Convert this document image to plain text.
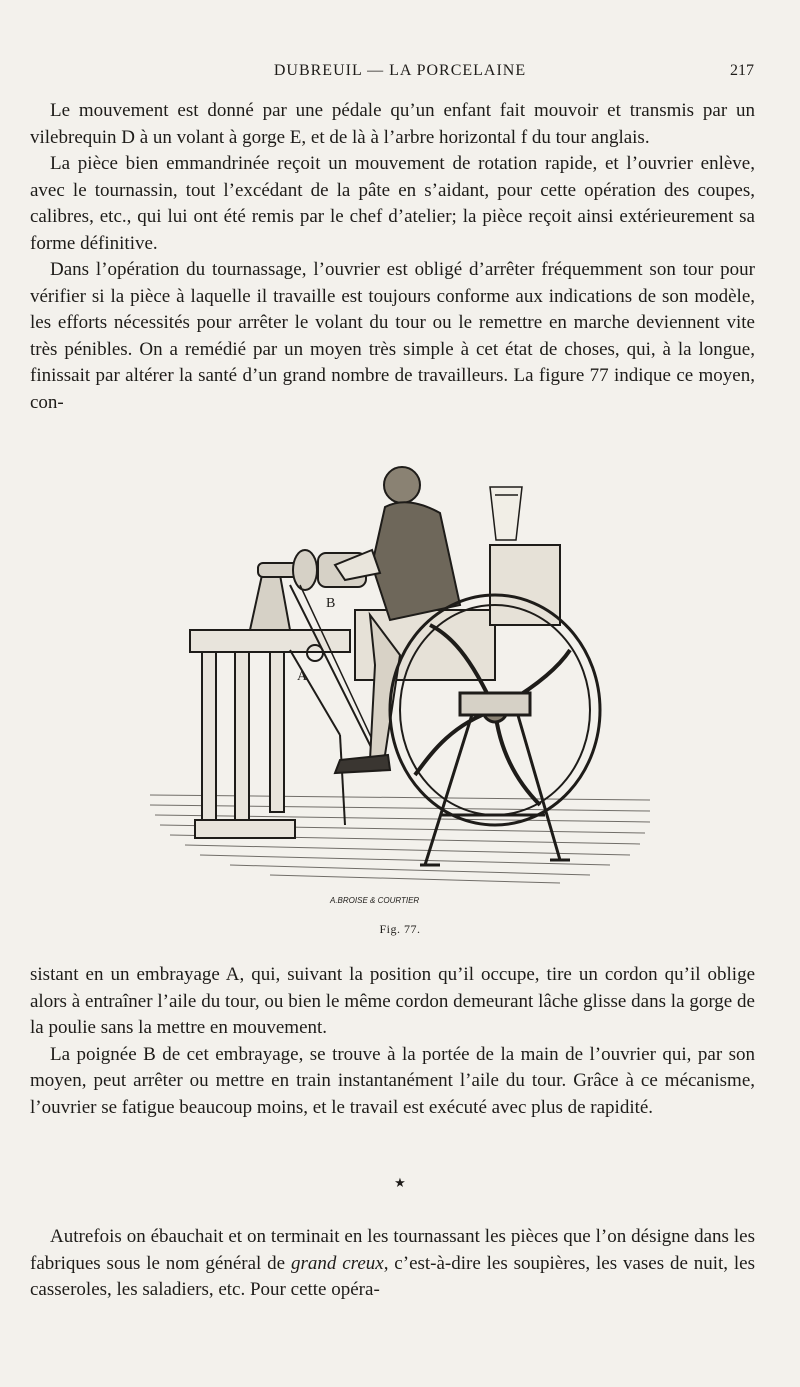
DUBREUIL — LA PORCELAINE	217

Le mouvement est donné par une pédale qu’un enfant fait mouvoir et transmis par un vilebrequin D à un volant à gorge E, et de là à l’arbre horizontal f du tour anglais.

La pièce bien emmandrinée reçoit un mouvement de rotation rapide, et l’ouvrier enlève, avec le tournassin, tout l’excédant de la pâte en s’aidant, pour cette opération des coupes, calibres, etc., qui lui ont été remis par le chef d’atelier; la pièce reçoit ainsi extérieurement sa forme définitive.

Dans l’opération du tournassage, l’ouvrier est obligé d’arrêter fréquemment son tour pour vérifier si la pièce à laquelle il travaille est toujours conforme aux indications de son modèle, les efforts nécessités pour arrêter le volant du tour ou le remettre en marche deviennent vite très pénibles. On a remédié par un moyen très simple à cet état de choses, qui, à la longue, finissait par altérer la santé d’un grand nombre de travailleurs. La figure 77 indique ce moyen, con-

A
B
A.BROISE & COURTIER
Fig. 77.

sistant en un embrayage A, qui, suivant la position qu’il occupe, tire un cordon qu’il oblige alors à entraîner l’aile du tour, ou bien le même cordon demeurant lâche glisse dans la gorge de la poulie sans la mettre en mouvement.

La poignée B de cet embrayage, se trouve à la portée de la main de l’ouvrier qui, par son moyen, peut arrêter ou mettre en train instantanément l’aile du tour. Grâce à ce mécanisme, l’ouvrier se fatigue beaucoup moins, et le travail est exécuté avec plus de rapidité.

★

Autrefois on ébauchait et on terminait en les tournassant les pièces que l’on désigne dans les fabriques sous le nom général de grand creux, c’est-à-dire les soupières, les vases de nuit, les casseroles, les saladiers, etc. Pour cette opéra-
